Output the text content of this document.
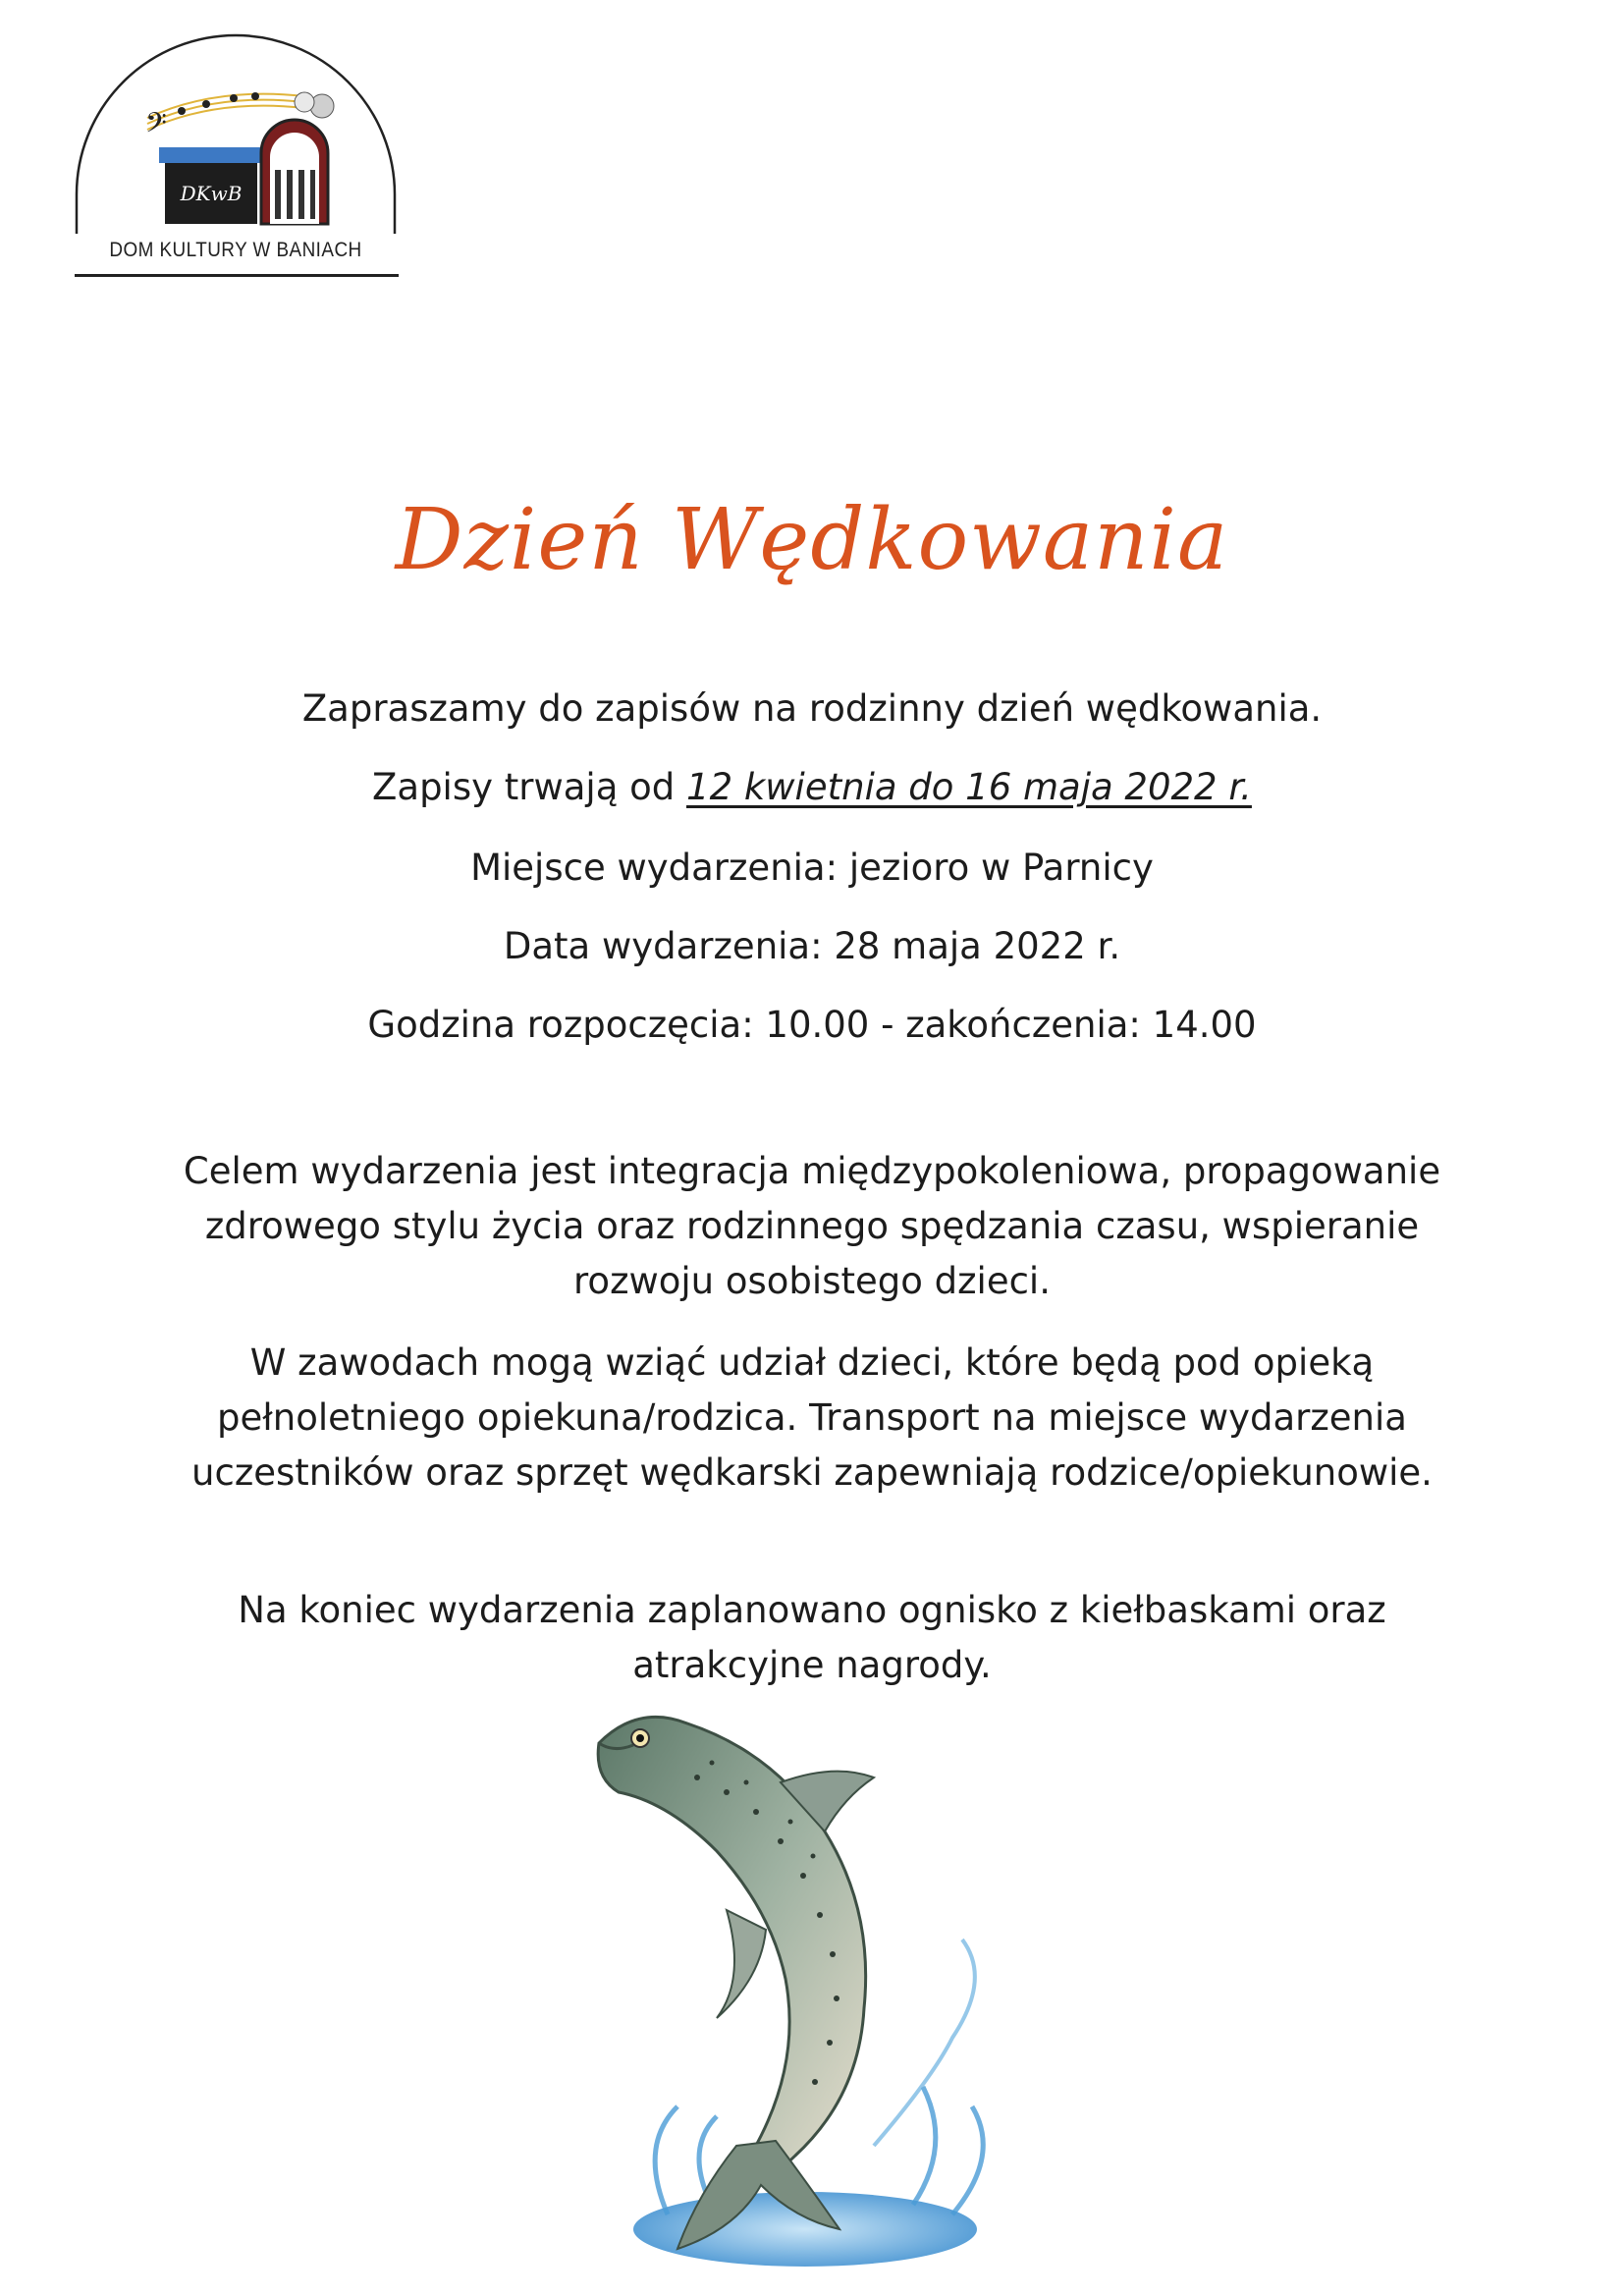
𝄢
DKwB
DOM KULTURY W BANIACH
Dzień Wędkowania
Zapraszamy do zapisów na rodzinny dzień wędkowania.
Zapisy trwają od 12 kwietnia do 16 maja 2022 r.
Miejsce wydarzenia: jezioro w Parnicy
Data wydarzenia: 28 maja 2022 r.
Godzina rozpoczęcia: 10.00 - zakończenia: 14.00
Celem wydarzenia jest integracja międzypokoleniowa, propagowanie zdrowego stylu życia oraz rodzinnego spędzania czasu, wspieranie rozwoju osobistego dzieci.
W zawodach mogą wziąć udział dzieci, które będą pod opieką pełnoletniego opiekuna/rodzica. Transport na miejsce wydarzenia uczestników oraz sprzęt wędkarski zapewniają rodzice/opiekunowie.
Na koniec wydarzenia zaplanowano ognisko z kiełbaskami oraz atrakcyjne nagrody.
